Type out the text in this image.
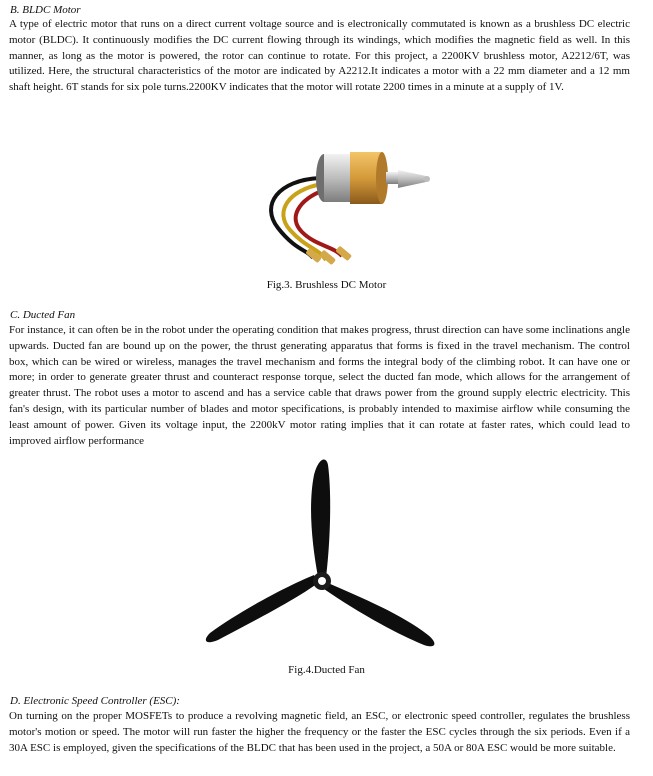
B. BLDC Motor

A type of electric motor that runs on a direct current voltage source and is electronically commutated is known as a brushless DC electric motor (BLDC). It continuously modifies the DC current flowing through its windings, which modifies the magnetic field as well. In this manner, as long as the motor is powered, the rotor can continue to rotate. For this project, a 2200KV brushless motor, A2212/6T, was utilized. Here, the structural characteristics of the motor are indicated by A2212.It indicates a motor with a 22 mm diameter and a 12 mm shaft height. 6T stands for six pole turns.2200KV indicates that the motor will rotate 2200 times in a minute at a supply of 1V.

Fig.3. Brushless DC Motor
C. Ducted Fan

For instance, it can often be in the robot under the operating condition that makes progress, thrust direction can have some inclinations angle upwards. Ducted fan are bound up on the power, the thrust generating apparatus that forms is fixed in the travel mechanism. The control box, which can be wired or wireless, manages the travel mechanism and forms the integral body of the climbing robot. It can have one or more; in order to generate greater thrust and counteract response torque, select the ducted fan mode, which allows for the arrangement of greater thrust. The robot uses a motor to ascend and has a service cable that draws power from the ground supply electric electricity. This fan's design, with its particular number of blades and motor specifications, is probably intended to maximise airflow while consuming the least amount of power. Given its voltage input, the 2200kV motor rating implies that it can rotate at faster rates, which could lead to improved airflow performance

Fig.4.Ducted Fan
D. Electronic Speed Controller (ESC):

On turning on the proper MOSFETs to produce a revolving magnetic field, an ESC, or electronic speed controller, regulates the brushless motor's motion or speed. The motor will run faster the higher the frequency or the faster the ESC cycles through the six periods. Even if a 30A ESC is employed, given the specifications of the BLDC that has been used in the project, a 50A or 80A ESC would be more suitable.
